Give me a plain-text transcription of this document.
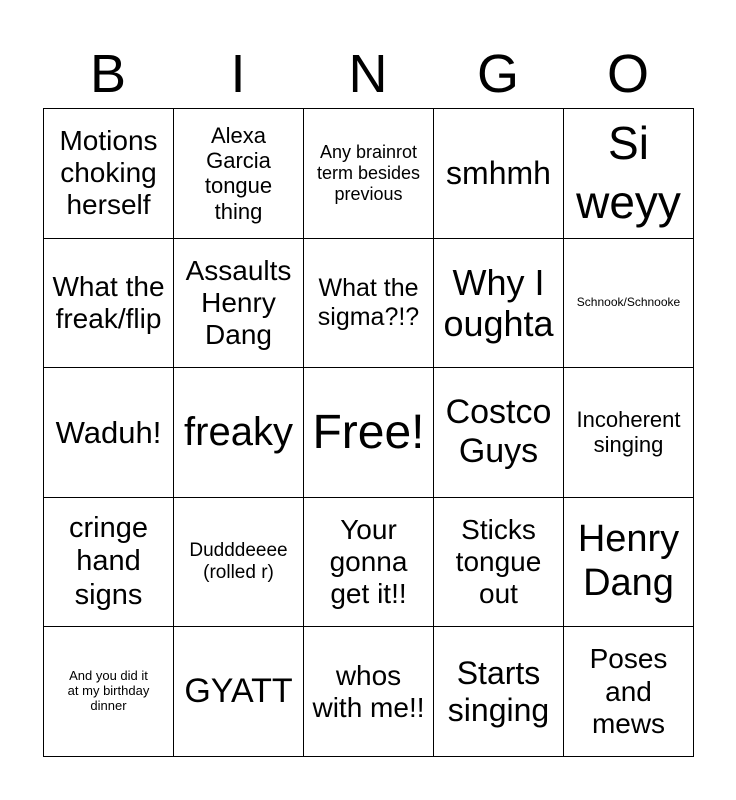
B	I	N	G	O
Motions choking herself	Alexa Garcia tongue thing	Any brainrot term besides previous	smhmh	Si weyy
What the freak/flip	Assaults Henry Dang	What the sigma?!?	Why I oughta	Schnook/Schnooke
Waduh!	freaky	Free!	Costco Guys	Incoherent singing
cringe hand signs	Dudddeeee (rolled r)	Your gonna get it!!	Sticks tongue out	Henry Dang
And you did it at my birthday dinner	GYATT	whos with me!!	Starts singing	Poses and mews
